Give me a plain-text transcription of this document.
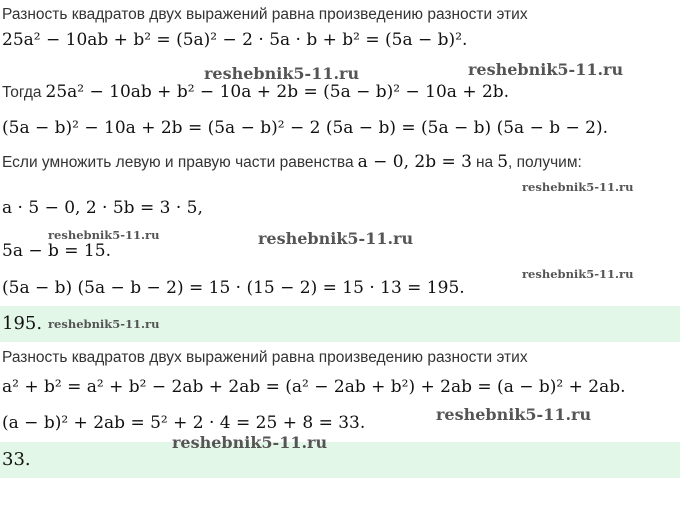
Разность квадратов двух выражений равна произведению разности этих
25a² − 10ab + b² = (5a)² − 2 · 5a · b + b² = (5a − b)².
Тогда 25a² − 10ab + b² − 10a + 2b = (5a − b)² − 10a + 2b.
(5a − b)² − 10a + 2b = (5a − b)² − 2 (5a − b) = (5a − b) (5a − b − 2).
Если умножить левую и правую части равенства a − 0, 2b = 3 на 5, получим:
a · 5 − 0, 2 · 5b = 3 · 5,
5a − b = 15.
(5a − b) (5a − b − 2) = 15 · (15 − 2) = 15 · 13 = 195.
195.
Разность квадратов двух выражений равна произведению разности этих
a² + b² = a² + b² − 2ab + 2ab = (a² − 2ab + b²) + 2ab = (a − b)² + 2ab.
(a − b)² + 2ab = 5² + 2 · 4 = 25 + 8 = 33.
33.
reshebnik5-11.ru	reshebnik5-11.ru
reshebnik5-11.ru
reshebnik5-11.ru	reshebnik5-11.ru
reshebnik5-11.ru
reshebnik5-11.ru
reshebnik5-11.ru
reshebnik5-11.ru
